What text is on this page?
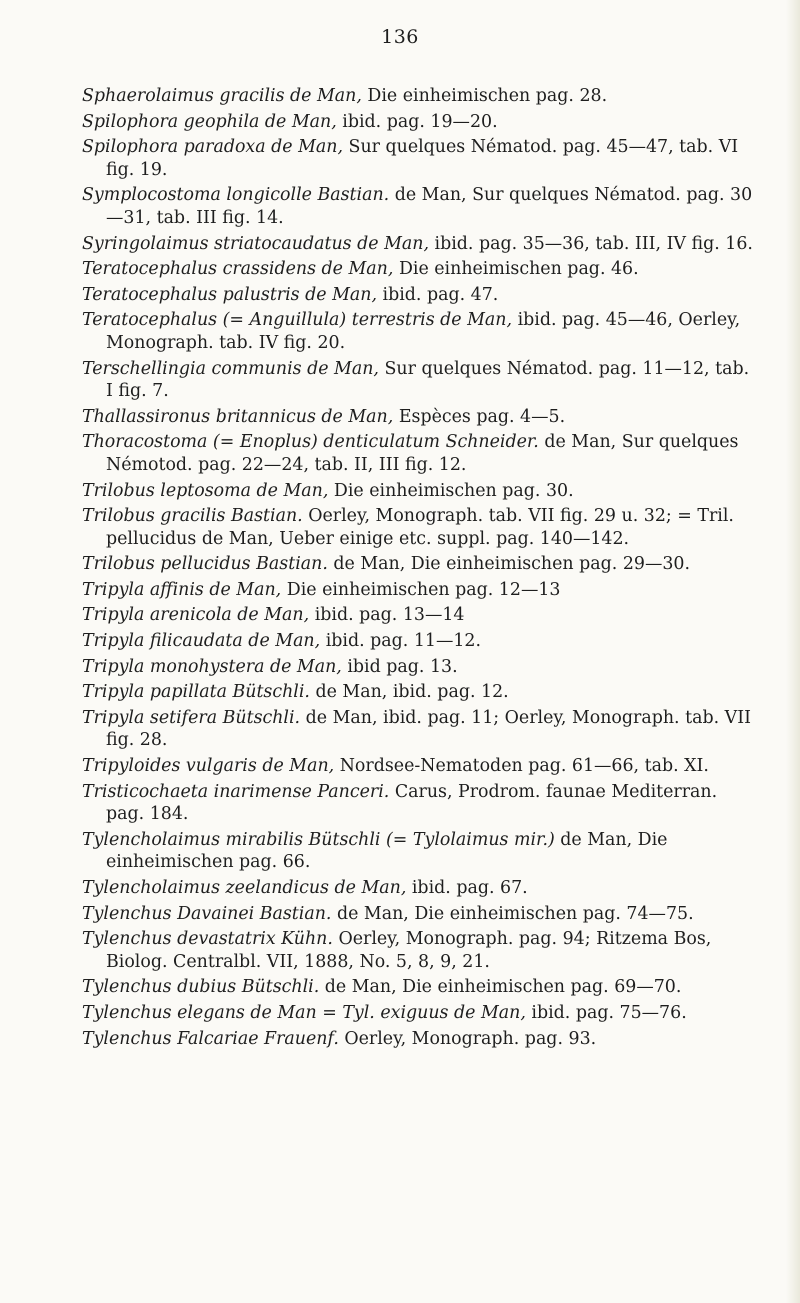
136

Sphaerolaimus gracilis de Man, Die einheimischen pag. 28.

Spilophora geophila de Man, ibid. pag. 19—20.

Spilophora paradoxa de Man, Sur quelques Nématod. pag. 45—47, tab. VI fig. 19.

Symplocostoma longicolle Bastian. de Man, Sur quelques Nématod. pag. 30—31, tab. III fig. 14.

Syringolaimus striatocaudatus de Man, ibid. pag. 35—36, tab. III, IV fig. 16.

Teratocephalus crassidens de Man, Die einheimischen pag. 46.

Teratocephalus palustris de Man, ibid. pag. 47.

Teratocephalus (= Anguillula) terrestris de Man, ibid. pag. 45—46, Oerley, Monograph. tab. IV fig. 20.

Terschellingia communis de Man, Sur quelques Nématod. pag. 11—12, tab. I fig. 7.

Thallassironus britannicus de Man, Espèces pag. 4—5.

Thoracostoma (= Enoplus) denticulatum Schneider. de Man, Sur quelques Némotod. pag. 22—24, tab. II, III fig. 12.

Trilobus leptosoma de Man, Die einheimischen pag. 30.

Trilobus gracilis Bastian. Oerley, Monograph. tab. VII fig. 29 u. 32; = Tril. pellucidus de Man, Ueber einige etc. suppl. pag. 140—142.

Trilobus pellucidus Bastian. de Man, Die einheimischen pag. 29—30.

Tripyla affinis de Man, Die einheimischen pag. 12—13

Tripyla arenicola de Man, ibid. pag. 13—14

Tripyla filicaudata de Man, ibid. pag. 11—12.

Tripyla monohystera de Man, ibid pag. 13.

Tripyla papillata Bütschli. de Man, ibid. pag. 12.

Tripyla setifera Bütschli. de Man, ibid. pag. 11; Oerley, Monograph. tab. VII fig. 28.

Tripyloides vulgaris de Man, Nordsee-Nematoden pag. 61—66, tab. XI.

Tristicochaeta inarimense Panceri. Carus, Prodrom. faunae Mediterran. pag. 184.

Tylencholaimus mirabilis Bütschli (= Tylolaimus mir.) de Man, Die einheimischen pag. 66.

Tylencholaimus zeelandicus de Man, ibid. pag. 67.

Tylenchus Davainei Bastian. de Man, Die einheimischen pag. 74—75.

Tylenchus devastatrix Kühn. Oerley, Monograph. pag. 94; Ritzema Bos, Biolog. Centralbl. VII, 1888, No. 5, 8, 9, 21.

Tylenchus dubius Bütschli. de Man, Die einheimischen pag. 69—70.

Tylenchus elegans de Man = Tyl. exiguus de Man, ibid. pag. 75—76.

Tylenchus Falcariae Frauenf. Oerley, Monograph. pag. 93.
